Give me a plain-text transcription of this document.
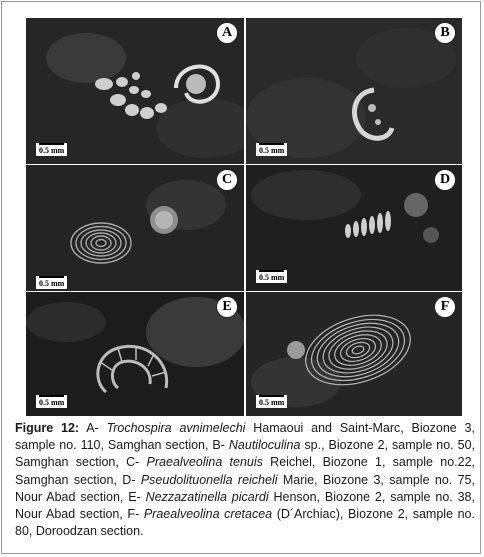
A
0.5 mm
B
0.5 mm
C
0.5 mm
D
0.5 mm
E
0.5 mm
F
0.5 mm
Figure 12: A- Trochospira avnimelechi Hamaoui and Saint-Marc, Biozone 3, sample no. 110, Samghan section, B- Nautiloculina sp., Biozone 2, sample no. 50, Samghan section, C- Praealveolina tenuis Reichel, Biozone 1, sample no.22, Samghan section, D- Pseudolituonella reicheli Marie, Biozone 3, sample no. 75, Nour Abad section, E- Nezzazatinella picardi Henson, Biozone 2, sample no. 38, Nour Abad section, F- Praealveolina cretacea (D´Archiac), Biozone 2, sample no. 80, Doroodzan section.
